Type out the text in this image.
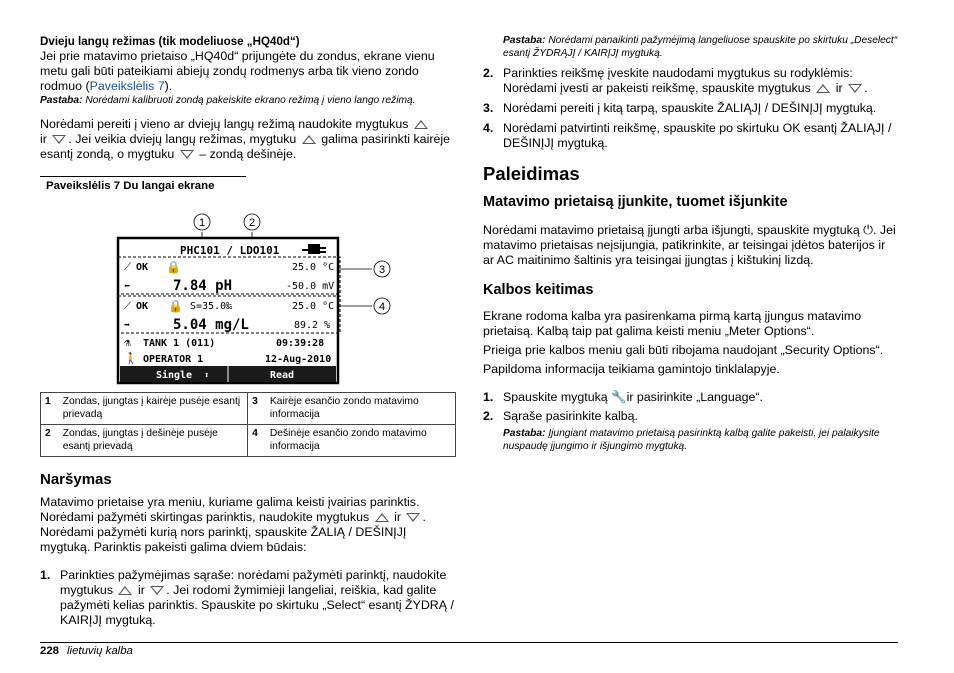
Dvieju langų režimas (tik modeliuose „HQ40d“)

Jei prie matavimo prietaiso „HQ40d“ prijungėte du zondus, ekrane vienu metu gali būti pateikiami abiejų zondų rodmenys arba tik vieno zondo rodmuo (Paveikslėlis 7).

Pastaba: Norėdami kalibruoti zondą pakeiskite ekrano režimą į vieno lango režimą.

Norėdami pereiti į vieno ar dviejų langų režimą naudokite mygtukus
ir . Jei veikia dviejų langų režimas, mygtuku galima pasirinkti kairėje esantį zondą, o mygtuku – zondą dešinėje.

Paveikslėlis 7 Du langai ekrane
1	2
3
4
PHC101 / LDO101
⟋ OK 🔒	25.0 °C
⬅	7.84 pH	-50.0 mV
⟋ OK 🔒 S=35.0‰	25.0 °C
➡	5.04 mg/L	89.2 %
⚗ TANK 1 (011)	09:39:28
🚶 OPERATOR 1	12-Aug-2010
Single ⬍	Read
1	Zondas, įjungtas į kairėje pusėje esantį prievadą	3	Kairėje esančio zondo matavimo informacija
2	Zondas, įjungtas į dešinėje pusėje esantį prievadą	4	Dešinėje esančio zondo matavimo informacija
Naršymas

Matavimo prietaise yra meniu, kuriame galima keisti įvairias parinktis. Norėdami pažymėti skirtingas parinktis, naudokite mygtukus ir . Norėdami pažymėti kurią nors parinktį, spauskite ŽALIĄ / DEŠINĮJĮ mygtuką. Parinktis pakeisti galima dviem būdais:

1. Parinkties pažymėjimas sąraše: norėdami pažymėti parinktį, naudokite mygtukus ir . Jei rodomi žymimieji langeliai, reiškia, kad galite pažymėti kelias parinktis. Spauskite po skirtuku „Select“ esantį ŽYDRĄ / KAIRĮJĮ mygtuką.

Pastaba: Norėdami panaikinti pažymėjimą langeliuose spauskite po skirtuku „Deselect“ esantį ŽYDRĄJĮ / KAIRĮJĮ mygtuką.

2. Parinkties reikšmę įveskite naudodami mygtukus su rodyklėmis:
Norėdami įvesti ar pakeisti reikšmę, spauskite mygtukus ir .
3. Norėdami pereiti į kitą tarpą, spauskite ŽALIĄJĮ / DEŠINĮJĮ mygtuką.
4. Norėdami patvirtinti reikšmę, spauskite po skirtuku OK esantį ŽALIĄJĮ / DEŠINĮJĮ mygtuką.
Paleidimas
Matavimo prietaisą įjunkite, tuomet išjunkite

Norėdami matavimo prietaisą įjungti arba išjungti, spauskite mygtuką ⏻. Jei matavimo prietaisas neįsijungia, patikrinkite, ar teisingai įdėtos baterijos ir ar AC maitinimo šaltinis yra teisingai įjungtas į kištukinį lizdą.

Kalbos keitimas

Ekrane rodoma kalba yra pasirenkama pirmą kartą įjungus matavimo prietaisą. Kalbą taip pat galima keisti meniu „Meter Options“.

Prieiga prie kalbos meniu gali būti ribojama naudojant „Security Options“.

Papildoma informacija teikiama gamintojo tinklalapyje.

1. Spauskite mygtuką 🔧ir pasirinkite „Language“.
2. Sąraše pasirinkite kalbą.

Pastaba: Įjungiant matavimo prietaisą pasirinktą kalbą galite pakeisti, jei palaikysite nuspaudę įjungimo ir išjungimo mygtuką.

228 lietuvių kalba
